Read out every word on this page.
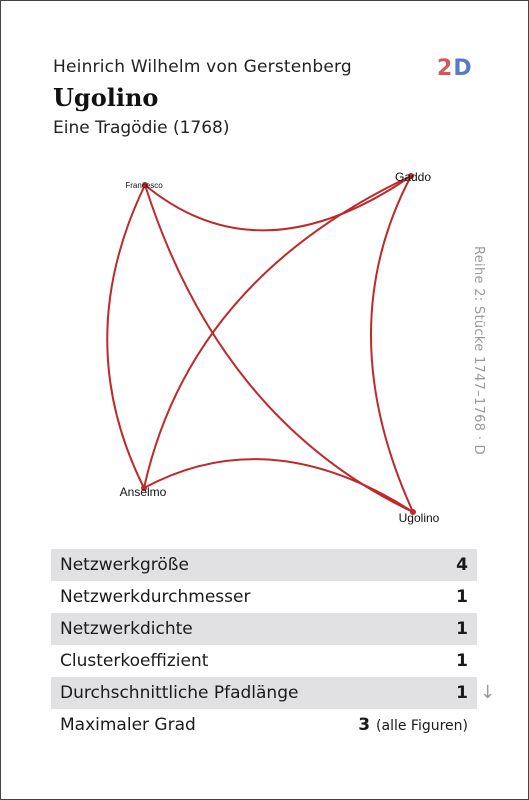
Heinrich Wilhelm von Gerstenberg
Ugolino
Eine Tragödie (1768)
2D
Reihe 2: Stücke 1747–1768 · D
Francesco
Gaddo
Anselmo
Ugolino
Netzwerkgröße	4
Netzwerkdurchmesser	1
Netzwerkdichte	1
Clusterkoeffizient	1
Durchschnittliche Pfadlänge	1
Maximaler Grad	3 (alle Figuren)
↓
